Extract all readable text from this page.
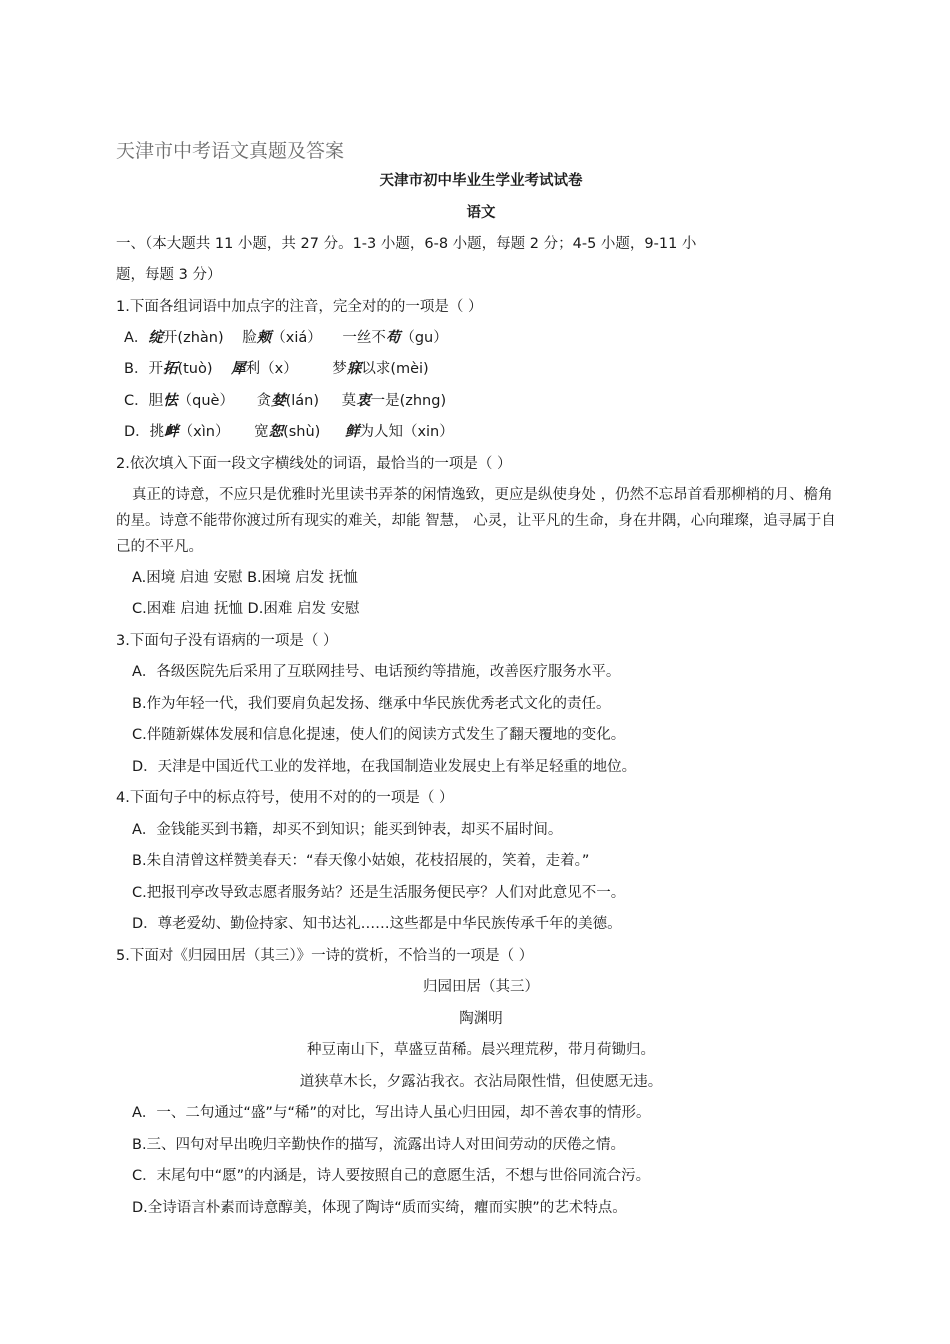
天津市中考语文真题及答案
天津市初中毕业生学业考试试卷
语文
一、（本大题共 11 小题，共 27 分。1-3 小题，6-8 小题，每题 2 分；4-5 小题，9-11 小
题，每题 3 分）
1.下面各组词语中加点字的注音，完全对的的一项是（ ）
A．绽开(zhàn) 脸颊（xiá） 一丝不苟（gu）
B．开拓(tuò) 犀利（x） 梦寐以求(mèi)
C．胆怯（què） 贪婪(lán) 莫衷一是(zhng)
D．挑衅（xìn） 宽恕(shù) 鲜为人知（xin）
2.依次填入下面一段文字横线处的词语，最恰当的一项是（ ）
真正的诗意，不应只是优雅时光里读书弄茶的闲情逸致，更应是纵使身处 ，仍然不忘昂首看那柳梢的月、檐角的星。诗意不能带你渡过所有现实的难关，却能 智慧， 心灵，让平凡的生命，身在井隅，心向璀璨，追寻属于自己的不平凡。
A.困境 启迪 安慰 B.困境 启发 抚恤
C.困难 启迪 抚恤 D.困难 启发 安慰
3.下面句子没有语病的一项是（ ）
A．各级医院先后采用了互联网挂号、电话预约等措施，改善医疗服务水平。
B.作为年轻一代，我们要肩负起发扬、继承中华民族优秀老式文化的责任。
C.伴随新媒体发展和信息化提速，使人们的阅读方式发生了翻天覆地的变化。
D．天津是中国近代工业的发祥地，在我国制造业发展史上有举足轻重的地位。
4.下面句子中的标点符号，使用不对的的一项是（ ）
A．金钱能买到书籍，却买不到知识；能买到钟表，却买不届时间。
B.朱自清曾这样赞美春天：“春天像小姑娘，花枝招展的，笑着，走着。”
C.把报刊亭改导致志愿者服务站？还是生活服务便民亭？人们对此意见不一。
D．尊老爱幼、勤俭持家、知书达礼……这些都是中华民族传承千年的美德。
5.下面对《归园田居（其三）》一诗的赏析，不恰当的一项是（ ）
归园田居（其三）
陶渊明
种豆南山下，草盛豆苗稀。晨兴理荒秽，带月荷锄归。
道狭草木长，夕露沾我衣。衣沾局限性惜，但使愿无违。
A．一、二句通过“盛”与“稀”的对比，写出诗人虽心归田园，却不善农事的情形。
B.三、四句对早出晚归辛勤快作的描写，流露出诗人对田间劳动的厌倦之情。
C．末尾句中“愿”的内涵是，诗人要按照自己的意愿生活，不想与世俗同流合污。
D.全诗语言朴素而诗意醇美，体现了陶诗“质而实绮，癯而实腴”的艺术特点。
